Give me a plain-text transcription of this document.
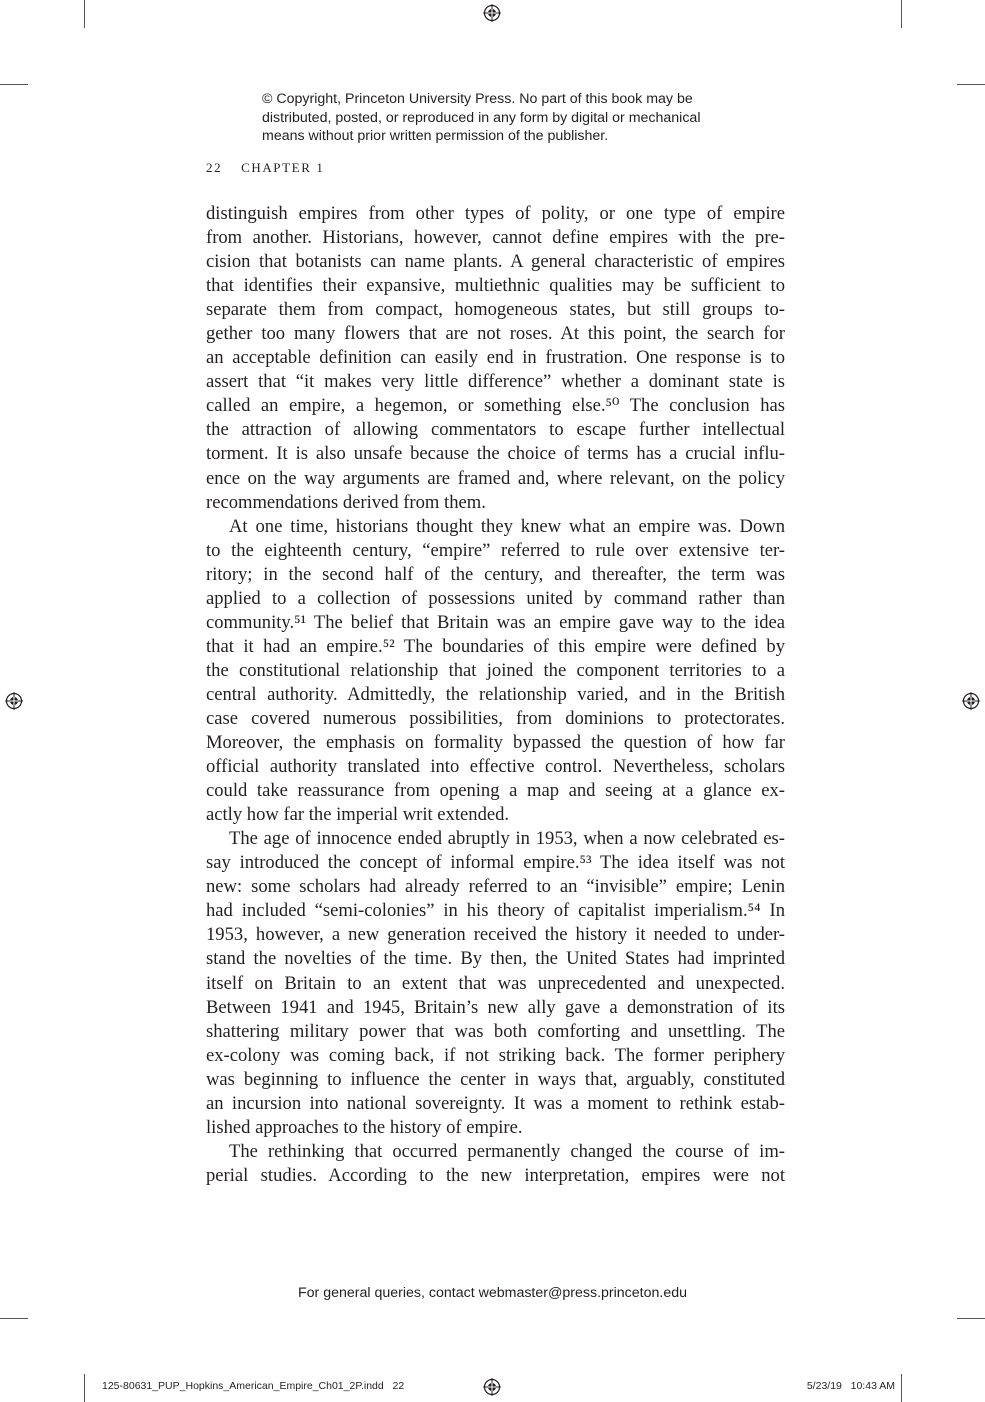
© Copyright, Princeton University Press. No part of this book may be
distributed, posted, or reproduced in any form by digital or mechanical
means without prior written permission of the publisher.
22 CHAPTER 1
distinguish empires from other types of polity, or one type of empire
from another. Historians, however, cannot define empires with the pre-
cision that botanists can name plants. A general characteristic of empires
that identifies their expansive, multiethnic qualities may be sufficient to
separate them from compact, homogeneous states, but still groups to-
gether too many flowers that are not roses. At this point, the search for
an acceptable definition can easily end in frustration. One response is to
assert that “it makes very little difference” whether a dominant state is
called an empire, a hegemon, or something else.⁵⁰ The conclusion has
the attraction of allowing commentators to escape further intellectual
torment. It is also unsafe because the choice of terms has a crucial influ-
ence on the way arguments are framed and, where relevant, on the policy
recommendations derived from them.
At one time, historians thought they knew what an empire was. Down
to the eighteenth century, “empire” referred to rule over extensive ter-
ritory; in the second half of the century, and thereafter, the term was
applied to a collection of possessions united by command rather than
community.⁵¹ The belief that Britain was an empire gave way to the idea
that it had an empire.⁵² The boundaries of this empire were defined by
the constitutional relationship that joined the component territories to a
central authority. Admittedly, the relationship varied, and in the British
case covered numerous possibilities, from dominions to protectorates.
Moreover, the emphasis on formality bypassed the question of how far
official authority translated into effective control. Nevertheless, scholars
could take reassurance from opening a map and seeing at a glance ex-
actly how far the imperial writ extended.
The age of innocence ended abruptly in 1953, when a now celebrated es-
say introduced the concept of informal empire.⁵³ The idea itself was not
new: some scholars had already referred to an “invisible” empire; Lenin
had included “semi-colonies” in his theory of capitalist imperialism.⁵⁴ In
1953, however, a new generation received the history it needed to under-
stand the novelties of the time. By then, the United States had imprinted
itself on Britain to an extent that was unprecedented and unexpected.
Between 1941 and 1945, Britain’s new ally gave a demonstration of its
shattering military power that was both comforting and unsettling. The
ex-colony was coming back, if not striking back. The former periphery
was beginning to influence the center in ways that, arguably, constituted
an incursion into national sovereignty. It was a moment to rethink estab-
lished approaches to the history of empire.
The rethinking that occurred permanently changed the course of im-
perial studies. According to the new interpretation, empires were not
For general queries, contact webmaster@press.princeton.edu
125-80631_PUP_Hopkins_American_Empire_Ch01_2P.indd   22	5/23/19   10:43 AM
